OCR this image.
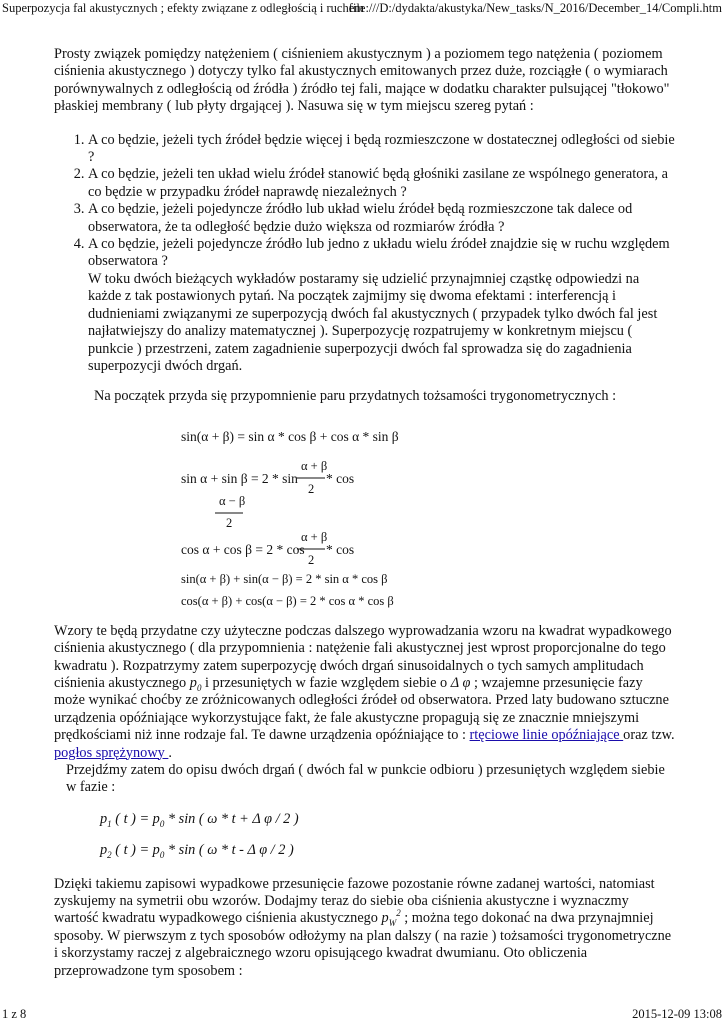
Superpozycja fal akustycznych ; efekty związane z odległością i ruchem
file:///D:/dydakta/akustyka/New_tasks/N_2016/December_14/Compli.htm

Prosty związek pomiędzy natężeniem ( ciśnieniem akustycznym ) a poziomem tego natężenia ( poziomem ciśnienia akustycznego ) dotyczy tylko fal akustycznych emitowanych przez duże, rozciągłe ( o wymiarach porównywalnych z odległością od źródła ) źródło tej fali, mające w dodatku charakter pulsującej "tłokowo" płaskiej membrany ( lub płyty drgającej ). Nasuwa się w tym miejscu szereg pytań :

1. A co będzie, jeżeli tych źródeł będzie więcej i będą rozmieszczone w dostatecznej odległości od siebie ?
2. A co będzie, jeżeli ten układ wielu źródeł stanowić będą głośniki zasilane ze wspólnego generatora, a co będzie w przypadku źródeł naprawdę niezależnych ?
3. A co będzie, jeżeli pojedyncze źródło lub układ wielu źródeł będą rozmieszczone tak dalece od obserwatora, że ta odległość będzie dużo większa od rozmiarów źródła ?
4. A co będzie, jeżeli pojedyncze źródło lub jedno z układu wielu źródeł znajdzie się w ruchu względem obserwatora ?

W toku dwóch bieżących wykładów postaramy się udzielić przynajmniej cząstkę odpowiedzi na każde z tak postawionych pytań. Na początek zajmijmy się dwoma efektami : interferencją i dudnieniami związanymi ze superpozycją dwóch fal akustycznych ( przypadek tylko dwóch fal jest najłatwiejszy do analizy matematycznej ). Superpozycję rozpatrujemy w konkretnym miejscu ( punkcie ) przestrzeni, zatem zagadnienie superpozycji dwóch fal sprowadza się do zagadnienia superpozycji dwóch drgań.

Na początek przyda się przypomnienie paru przydatnych tożsamości trygonometrycznych :

sin(α + β) = sin α * cos β + cos α * sin β
sin α + sin β = 2 * sin
α + β
2
* cos
α − β
2
cos α + cos β = 2 * cos
α + β
2
* cos
sin(α + β) + sin(α − β) = 2 * sin α * cos β
cos(α + β) + cos(α − β) = 2 * cos α * cos β

Wzory te będą przydatne czy użyteczne podczas dalszego wyprowadzania wzoru na kwadrat wypadkowego ciśnienia akustycznego ( dla przypomnienia : natężenie fali akustycznej jest wprost proporcjonalne do tego kwadratu ). Rozpatrzymy zatem superpozycję dwóch drgań sinusoidalnych o tych samych amplitudach ciśnienia akustycznego $p_0$ i przesuniętych w fazie względem siebie o Δ φ ; wzajemne przesunięcie fazy może wynikać choćby ze zróżnicowanych odległości źródeł od obserwatora. Przed laty budowano sztuczne urządzenia opóźniające wykorzystujące fakt, że fale akustyczne propagują się ze znacznie mniejszymi prędkościami niż inne rodzaje fal. Te dawne urządzenia opóźniające to : rtęciowe linie opóźniające oraz tzw. pogłos sprężynowy .

Przejdźmy zatem do opisu dwóch drgań ( dwóch fal w punkcie odbioru ) przesuniętych względem siebie w fazie :

$p_1$ ( t ) = $p_0$ * sin ( ω * t + Δ φ / 2 )

$p_2$ ( t ) = $p_0$ * sin ( ω * t - Δ φ / 2 )

Dzięki takiemu zapisowi wypadkowe przesunięcie fazowe pozostanie równe zadanej wartości, natomiast zyskujemy na symetrii obu wzorów. Dodajmy teraz do siebie oba ciśnienia akustyczne i wyznaczmy wartość kwadratu wypadkowego ciśnienia akustycznego $p_W^2$ ; można tego dokonać na dwa przynajmniej sposoby. W pierwszym z tych sposobów odłożymy na plan dalszy ( na razie ) tożsamości trygonometryczne i skorzystamy raczej z algebraicznego wzoru opisującego kwadrat dwumianu. Oto obliczenia przeprowadzone tym sposobem :

1 z 8	2015-12-09 13:08
